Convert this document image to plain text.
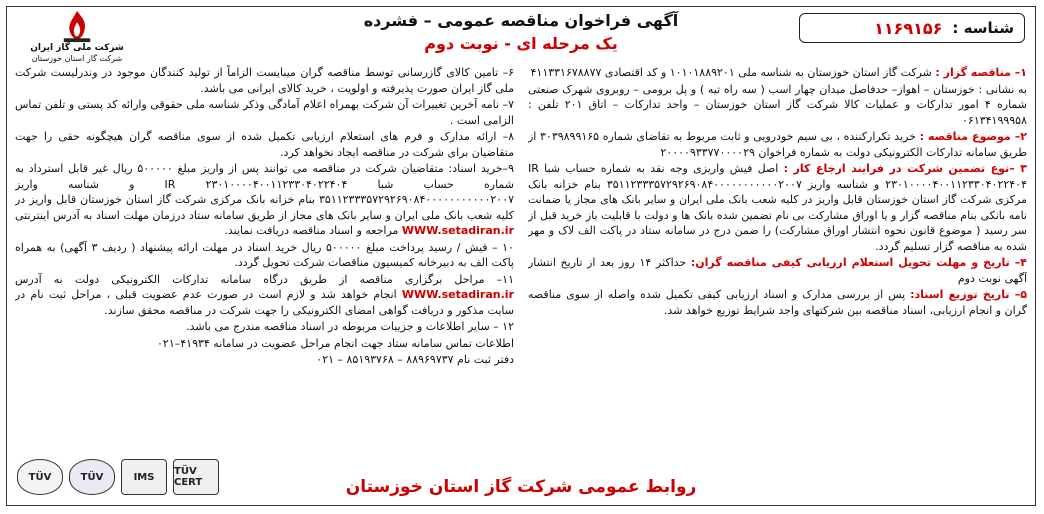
شناسه :
۱۱۶۹۱۵۶
آگهی فراخوان مناقصه عمومی – فشرده
یک مرحله ای - نوبت دوم
شرکت ملی گاز ایران
شرکت گاز استان خوزستان

۱– مناقصه گزار : شرکت گاز استان خوزستان به شناسه ملی ۱۰۱۰۱۸۸۹۲۰۱ و کد اقتصادی ۴۱۱۳۳۱۶۷۸۸۷۷

به نشانی : خوزستان – اهواز– حدفاصل میدان چهار اسب ( سه راه تیه ) و پل برومی – روبروی شهرک صنعتی شماره ۴ امور تدارکات و عملیات کالا شرکت گاز استان خوزستان – واحد تدارکات – اتاق ۲۰۱ تلفن : ۰۶۱۳۴۱۹۹۹۵۸

۲– موضوع مناقصه : خرید تکرارکننده ، بی سیم خودرویی و ثابت مربوط به تقاضای شماره ۳۰۳۹۸۹۹۱۶۵ از طریق سامانه تدارکات الکترونیکی دولت به شماره فراخوان ۲۰۰۰۰۹۳۳۷۷۰۰۰۰۲۹

۳ –نوع تضمین شرکت در فرایند ارجاع کار : اصل فیش واریزی وجه نقد به شماره حساب شبا IR ۲۳۰۱۰۰۰۰۴۰۰۱۱۲۳۳۰۴۰۲۲۴۰۴ و شناسه واریز ۳۵۱۱۲۳۳۳۵۷۲۹۲۶۹۰۸۴۰۰۰۰۰۰۰۰۰۰۰۲۰۰۷ بنام خزانه بانک مرکزی شرکت گاز استان خوزستان قابل واریز در کلیه شعب بانک ملی ایران و سایر بانک های مجاز یا ضمانت نامه بانکی بنام مناقصه گزار و یا اوراق مشارکت بی نام تضمین شده بانک ها و دولت با قابلیت باز خرید قبل از سر رسید ( موضوع قانون نحوه انتشار اوراق مشارکت) را ضمن درج در سامانه ستاد در پاکت الف لاک و مهر شده به مناقصه گزار تسلیم گردد.

۴– تاریخ و مهلت تحویل استعلام ارزیابی کیفی مناقصه گران: حداکثر ۱۴ روز بعد از تاریخ انتشار آگهی نوبت دوم

۵– تاریخ توزیع اسناد: پس از بررسی مدارک و اسناد ارزیابی کیفی تکمیل شده واصله از سوی مناقصه گران و انجام ارزیابی، اسناد مناقصه بین شرکتهای واجد شرایط توزیع خواهد شد.

۶– تامین کالای گازرسانی توسط مناقصه گران میبایست الزاماً از تولید کنندگان موجود در وندرلیست شرکت ملی گاز ایران صورت پذیرفته و اولویت ، خرید کالای ایرانی می باشد.

۷– نامه آخرین تغییرات آن شرکت بهمراه اعلام آمادگی وذکر شناسه ملی حقوقی وارائه کد پستی و تلفن تماس الزامی است .

۸– ارائه مدارک و فرم های استعلام ارزیابی تکمیل شده از سوی مناقصه گران هیچگونه حقی را جهت متقاضیان برای شرکت در مناقصه ایجاد نخواهد کرد.

۹–خرید اسناد: متقاضیان شرکت در مناقصه می توانند پس از واریز مبلغ ۵۰۰۰۰۰ ریال غیر قابل استرداد به شماره حساب شبا IR ۲۳۰۱۰۰۰۰۴۰۰۱۱۲۳۳۰۴۰۲۲۴۰۴ و شناسه واریز ۳۵۱۱۲۳۳۳۵۷۲۹۲۶۹۰۸۴۰۰۰۰۰۰۰۰۰۰۰۲۰۰۷ بنام خزانه بانک مرکزی شرکت گاز استان خوزستان قابل واریز در کلیه شعب بانک ملی ایران و سایر بانک های مجاز از طریق سامانه ستاد درزمان مهلت اسناد به آدرس اینترنتی WWW.setadiran.ir مراجعه و اسناد مناقصه دریافت نمایند.

۱۰ – فیش / رسید پرداخت مبلغ ۵۰۰۰۰۰ ریال خرید اسناد در مهلت ارائه پیشنهاد ( ردیف ۳ آگهی) به همراه پاکت الف به دبیرخانه کمیسیون مناقصات شرکت تحویل گردد.

۱۱– مراحل برگزاری مناقصه از طریق درگاه سامانه تدارکات الکترونیکی دولت به آدرس WWW.setadiran.ir انجام خواهد شد و لازم است در صورت عدم عضویت قبلی ، مراحل ثبت نام در سایت مذکور و دریافت گواهی امضای الکترونیکی را جهت شرکت در مناقصه محقق سازند.

۱۲ – سایر اطلاعات و جزییات مربوطه در اسناد مناقصه مندرج می باشد.

اطلاعات تماس سامانه ستاد جهت انجام مراحل عضویت در سامانه ۴۱۹۳۴–۰۲۱

دفتر ثبت نام ۸۸۹۶۹۷۳۷ – ۸۵۱۹۳۷۶۸ – ۰۲۱

TÜV	TÜV	IMS	TÜV CERT	روابط عمومی شرکت گاز استان خوزستان
